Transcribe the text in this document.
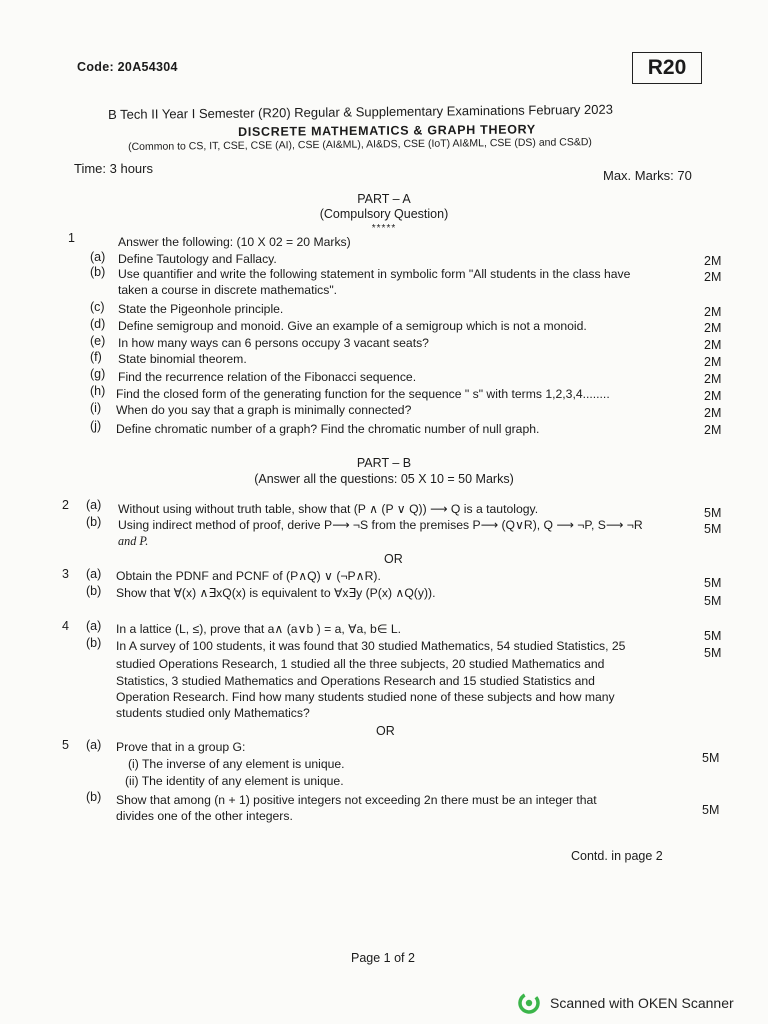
Code: 20A54304	R20
B Tech II Year I Semester (R20) Regular & Supplementary Examinations February 2023
DISCRETE MATHEMATICS & GRAPH THEORY
(Common to CS, IT, CSE, CSE (AI), CSE (AI&ML), AI&DS, CSE (IoT) AI&ML, CSE (DS) and CS&D)
Time: 3 hours	Max. Marks: 70
PART – A
(Compulsory Question)
*****
1	Answer the following: (10 X 02 = 20 Marks)
(a) Define Tautology and Fallacy.	2M
(b) Use quantifier and write the following statement in symbolic form "All students in the class have
taken a course in discrete mathematics".
2M
(c) State the Pigeonhole principle.	2M
(d) Define semigroup and monoid. Give an example of a semigroup which is not a monoid.	2M
(e) In how many ways can 6 persons occupy 3 vacant seats?	2M
(f) State binomial theorem.	2M
(g) Find the recurrence relation of the Fibonacci sequence.	2M
(h) Find the closed form of the generating function for the sequence " s" with terms 1,2,3,4........	2M
(i) When do you say that a graph is minimally connected?	2M
(j) Define chromatic number of a graph? Find the chromatic number of null graph.	2M
PART – B
(Answer all the questions: 05 X 10 = 50 Marks)
2 (a) Without using without truth table, show that (P ∧ (P ∨ Q)) ⟶ Q is a tautology.	5M
(b) Using indirect method of proof, derive P⟶ ¬S from the premises P⟶ (Q∨R), Q ⟶ ¬P, S⟶ ¬R
and P.
5M
OR
3 (a) Obtain the PDNF and PCNF of (P∧Q) ∨ (¬P∧R).	5M
(b) Show that ∀(x) ∧∃xQ(x) is equivalent to ∀x∃y (P(x) ∧Q(y)).
5M
4 (a) In a lattice (L, ≤), prove that a∧ (a∨b ) = a, ∀a, b∈ L.	5M
(b) In A survey of 100 students, it was found that 30 studied Mathematics, 54 studied Statistics, 25
studied Operations Research, 1 studied all the three subjects, 20 studied Mathematics and
Statistics, 3 studied Mathematics and Operations Research and 15 studied Statistics and
Operation Research. Find how many students studied none of these subjects and how many
students studied only Mathematics?
5M
OR
5 (a) Prove that in a group G:
(i) The inverse of any element is unique.
(ii) The identity of any element is unique.
5M
(b) Show that among (n + 1) positive integers not exceeding 2n there must be an integer that
divides one of the other integers.	5M
Contd. in page 2
Page 1 of 2
Scanned with OKEN Scanner
